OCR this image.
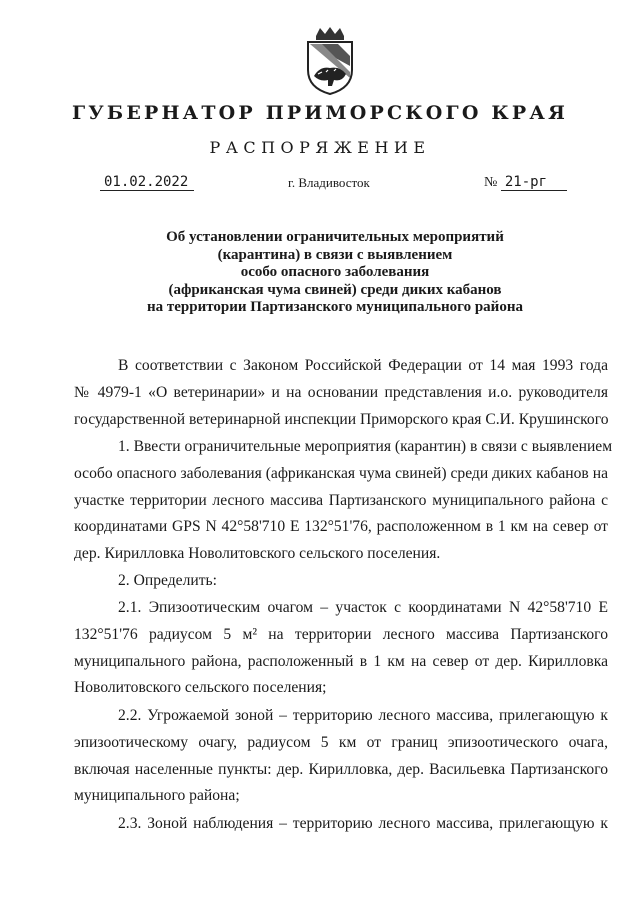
ГУБЕРНАТОР ПРИМОРСКОГО КРАЯ
РАСПОРЯЖЕНИЕ
01.02.2022	г. Владивосток	№ 21-рг
Об установлении ограничительных мероприятий
(карантина) в связи с выявлением
особо опасного заболевания
(африканская чума свиней) среди диких кабанов
на территории Партизанского муниципального района
В соответствии с Законом Российской Федерации от 14 мая 1993 года
№ 4979-1 «О ветеринарии» и на основании представления и.о. руководителя
государственной ветеринарной инспекции Приморского края С.И. Крушинского
1. Ввести ограничительные мероприятия (карантин) в связи с выявлением
особо опасного заболевания (африканская чума свиней) среди диких кабанов на
участке территории лесного массива Партизанского муниципального района с
координатами GPS N 42°58'710 E 132°51'76, расположенном в 1 км на север от
дер. Кирилловка Новолитовского сельского поселения.
2. Определить:
2.1. Эпизоотическим очагом – участок с координатами N 42°58'710 E
132°51'76 радиусом 5 м² на территории лесного массива Партизанского
муниципального района, расположенный в 1 км на север от дер. Кирилловка
Новолитовского сельского поселения;
2.2. Угрожаемой зоной – территорию лесного массива, прилегающую к
эпизоотическому очагу, радиусом 5 км от границ эпизоотического очага,
включая населенные пункты: дер. Кирилловка, дер. Васильевка Партизанского
муниципального района;
2.3. Зоной наблюдения – территорию лесного массива, прилегающую к
